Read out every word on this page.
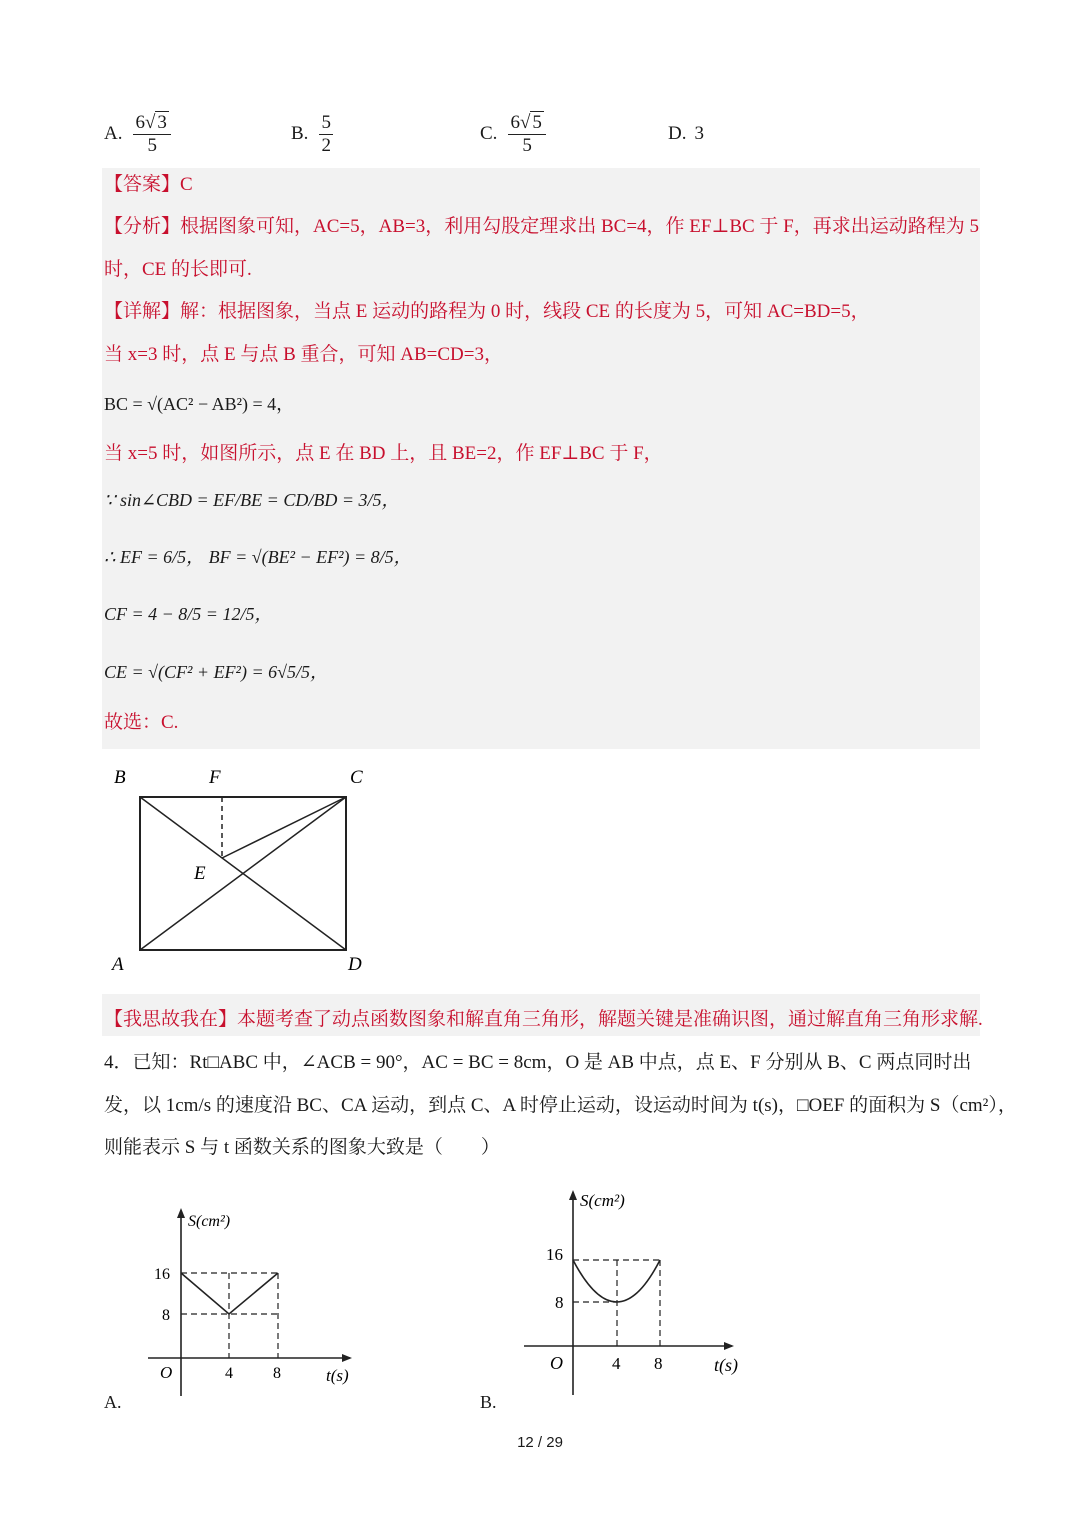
A. $\frac{6√ 3}{5}$	B. $\frac{5}{2}$	C. $\frac{6√ 5}{5}$	D. 3
【答案】C
【分析】根据图象可知，AC=5，AB=3，利用勾股定理求出 BC=4，作 EF⊥BC 于 F，再求出运动路程为 5
时，CE 的长即可.
【详解】解：根据图象，当点 E 运动的路程为 0 时，线段 CE 的长度为 5，可知 AC=BD=5，
当 x=3 时，点 E 与点 B 重合，可知 AB=CD=3，
BC = √(AC² − AB²) = 4，
当 x=5 时，如图所示，点 E 在 BD 上，且 BE=2，作 EF⊥BC 于 F，
∵ sin∠CBD = EF/BE = CD/BD = 3/5，
∴ EF = 6/5， BF = √(BE² − EF²) = 8/5，
CF = 4 − 8/5 = 12/5，
CE = √(CF² + EF²) = 6√5/5，
故选：C.
B	F	C
E
A	D
【我思故我在】本题考查了动点函数图象和解直角三角形，解题关键是准确识图，通过解直角三角形求解.
4．已知：Rt□ABC 中，∠ACB = 90°，AC = BC = 8cm，O 是 AB 中点，点 E、F 分别从 B、C 两点同时出
发，以 1cm/s 的速度沿 BC、CA 运动，到点 C、A 时停止运动，设运动时间为 t(s)，□OEF 的面积为 S（cm²），
则能表示 S 与 t 函数关系的图象大致是（　　）
S(cm²)
16
8
O	4	8	t(s)
A.
S(cm²)
16
8
O	4 8	t(s)
B.
12 / 29
